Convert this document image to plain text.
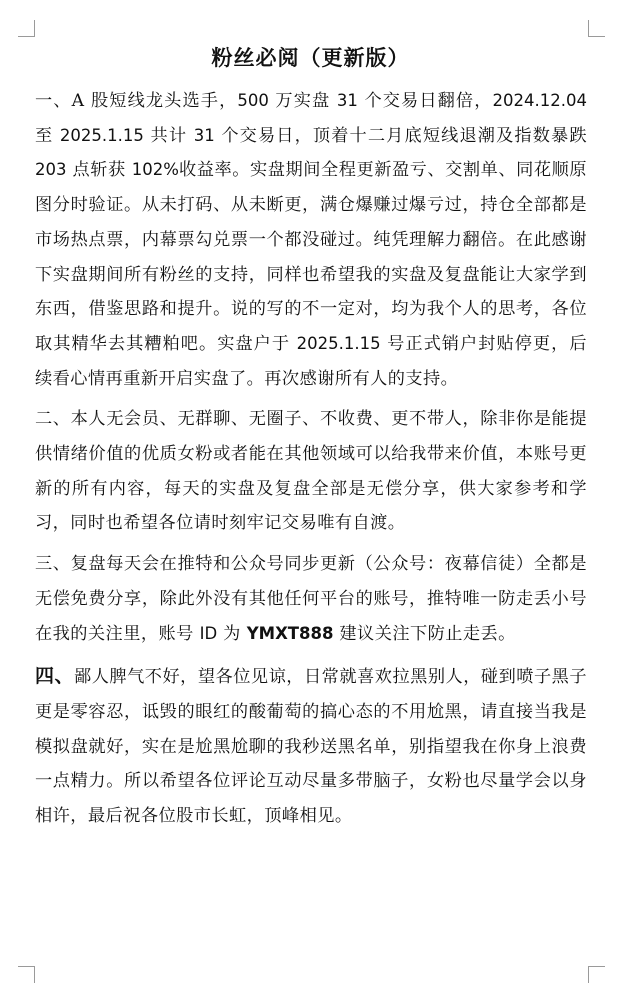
粉丝必阅（更新版）

一、A 股短线龙头选手，500 万实盘 31 个交易日翻倍，2024.12.04 至 2025.1.15 共计 31 个交易日，顶着十二月底短线退潮及指数暴跌 203 点斩获 102%收益率。实盘期间全程更新盈亏、交割单、同花顺原图分时验证。从未打码、从未断更，满仓爆赚过爆亏过，持仓全部都是市场热点票，内幕票勾兑票一个都没碰过。纯凭理解力翻倍。在此感谢下实盘期间所有粉丝的支持，同样也希望我的实盘及复盘能让大家学到东西，借鉴思路和提升。说的写的不一定对，均为我个人的思考，各位取其精华去其糟粕吧。实盘户于 2025.1.15 号正式销户封贴停更，后续看心情再重新开启实盘了。再次感谢所有人的支持。

二、本人无会员、无群聊、无圈子、不收费、更不带人，除非你是能提供情绪价值的优质女粉或者能在其他领域可以给我带来价值，本账号更新的所有内容，每天的实盘及复盘全部是无偿分享，供大家参考和学习，同时也希望各位请时刻牢记交易唯有自渡。

三、复盘每天会在推特和公众号同步更新（公众号：夜幕信徒）全都是无偿免费分享，除此外没有其他任何平台的账号，推特唯一防走丢小号在我的关注里，账号 ID 为 YMXT888 建议关注下防止走丢。

四、鄙人脾气不好，望各位见谅，日常就喜欢拉黑别人，碰到喷子黑子更是零容忍，诋毁的眼红的酸葡萄的搞心态的不用尬黑，请直接当我是模拟盘就好，实在是尬黑尬聊的我秒送黑名单，别指望我在你身上浪费一点精力。所以希望各位评论互动尽量多带脑子，女粉也尽量学会以身相许，最后祝各位股市长虹，顶峰相见。
